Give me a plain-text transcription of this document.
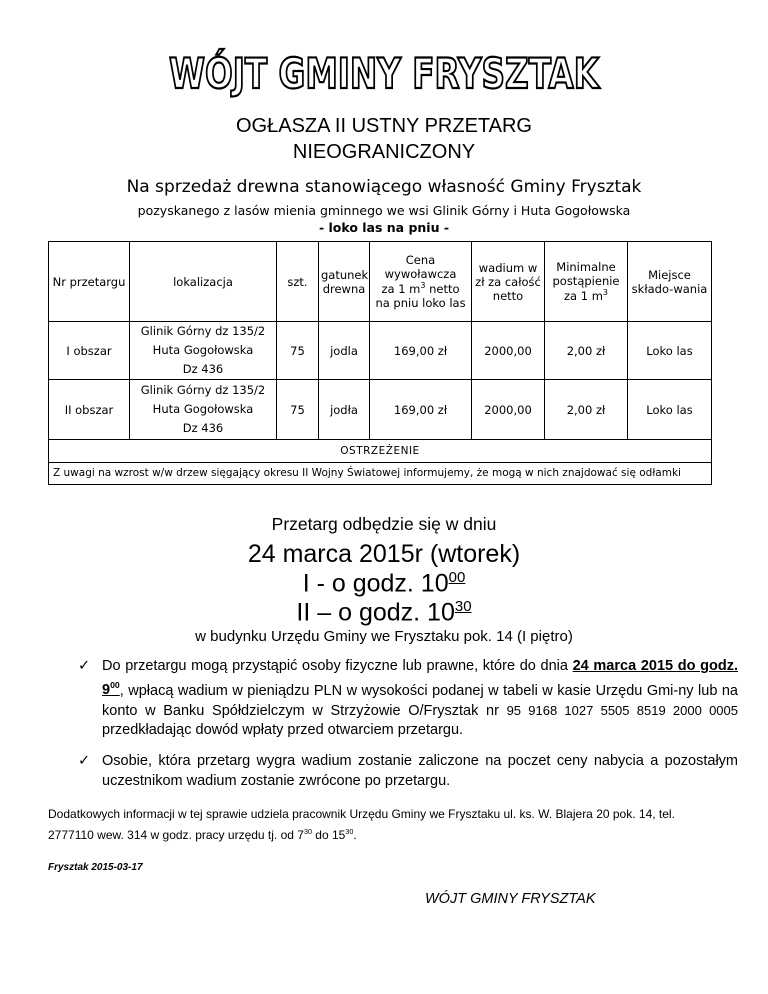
WÓJT GMINY FRYSZTAK
OGŁASZA II USTNY PRZETARG
NIEOGRANICZONY
Na sprzedaż drewna stanowiącego własność Gminy Frysztak
pozyskanego z lasów mienia gminnego we wsi Glinik Górny i Huta Gogołowska
- loko las na pniu -
Nr przetargu	lokalizacja	szt.	gatunek drewna	Cena
wywoławcza
za 1 $m^3$ netto
na pniu loko las	wadium w zł za całość netto	Minimalne
postąpienie
za 1 $m^3$	Miejsce składo-wania
I obszar	Glinik Górny dz 135/2
Huta Gogołowska
Dz 436	75	jodla	169,00 zł	2000,00	2,00 zł	Loko las
II obszar	Glinik Górny dz 135/2
Huta Gogołowska
Dz 436	75	jodła	169,00 zł	2000,00	2,00 zł	Loko las
OSTRZEŻENIE							
Z uwagi na wzrost w/w drzew sięgający okresu II Wojny Światowej informujemy, że mogą w nich znajdować się odłamki							
Przetarg odbędzie się w dniu
24 marca 2015r (wtorek)
I - o godz. $10^{00}$
II – o godz. $10^{30}$
w budynku Urzędu Gminy we Frysztaku pok. 14 (I piętro)
✓ Do przetargu mogą przystąpić osoby fizyczne lub prawne, które do dnia 24 marca 2015 do godz. $9^{00}$, wpłacą wadium w pieniądzu PLN w wysokości podanej w tabeli w kasie Urzędu Gmi-ny lub na konto w Banku Spółdzielczym w Strzyżowie O/Frysztak nr 95 9168 1027 5505 8519 2000 0005 przedkładając dowód wpłaty przed otwarciem przetargu.
✓ Osobie, która przetarg wygra wadium zostanie zaliczone na poczet ceny nabycia a pozostałym uczestnikom wadium zostanie zwrócone po przetargu.
Dodatkowych informacji w tej sprawie udziela pracownik Urzędu Gminy we Frysztaku ul. ks. W. Blajera 20 pok. 14, tel. 2777110 wew. 314 w godz. pracy urzędu tj. od $7^{30}$ do $15^{30}$.
Frysztak 2015-03-17
WÓJT GMINY FRYSZTAK
